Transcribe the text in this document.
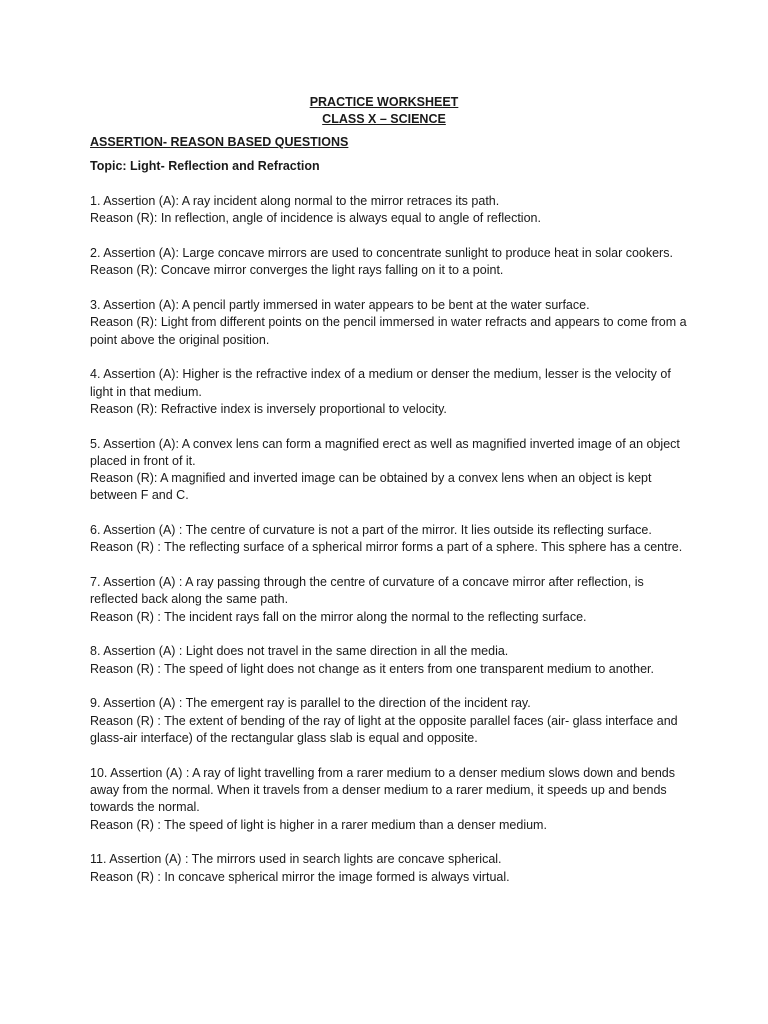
PRACTICE WORKSHEET
CLASS X – SCIENCE
ASSERTION- REASON BASED QUESTIONS
Topic: Light- Reflection and Refraction

1. Assertion (A): A ray incident along normal to the mirror retraces its path.

Reason (R): In reflection, angle of incidence is always equal to angle of reflection.

2. Assertion (A): Large concave mirrors are used to concentrate sunlight to produce heat in solar cookers.

Reason (R): Concave mirror converges the light rays falling on it to a point.

3. Assertion (A): A pencil partly immersed in water appears to be bent at the water surface.

Reason (R): Light from different points on the pencil immersed in water refracts and appears to come from a point above the original position.

4. Assertion (A): Higher is the refractive index of a medium or denser the medium, lesser is the velocity of light in that medium.

Reason (R): Refractive index is inversely proportional to velocity.

5. Assertion (A): A convex lens can form a magnified erect as well as magnified inverted image of an object placed in front of it.

Reason (R): A magnified and inverted image can be obtained by a convex lens when an object is kept between F and C.

6. Assertion (A) : The centre of curvature is not a part of the mirror. It lies outside its reflecting surface.

Reason (R) : The reflecting surface of a spherical mirror forms a part of a sphere. This sphere has a centre.

7. Assertion (A) : A ray passing through the centre of curvature of a concave mirror after reflection, is reflected back along the same path.

Reason (R) : The incident rays fall on the mirror along the normal to the reflecting surface.

8. Assertion (A) : Light does not travel in the same direction in all the media.

Reason (R) : The speed of light does not change as it enters from one transparent medium to another.

9. Assertion (A) : The emergent ray is parallel to the direction of the incident ray.

Reason (R) : The extent of bending of the ray of light at the opposite parallel faces (air- glass interface and glass-air interface) of the rectangular glass slab is equal and opposite.

10. Assertion (A) : A ray of light travelling from a rarer medium to a denser medium slows down and bends away from the normal. When it travels from a denser medium to a rarer medium, it speeds up and bends towards the normal.

Reason (R) : The speed of light is higher in a rarer medium than a denser medium.

11. Assertion (A) : The mirrors used in search lights are concave spherical.

Reason (R) : In concave spherical mirror the image formed is always virtual.
